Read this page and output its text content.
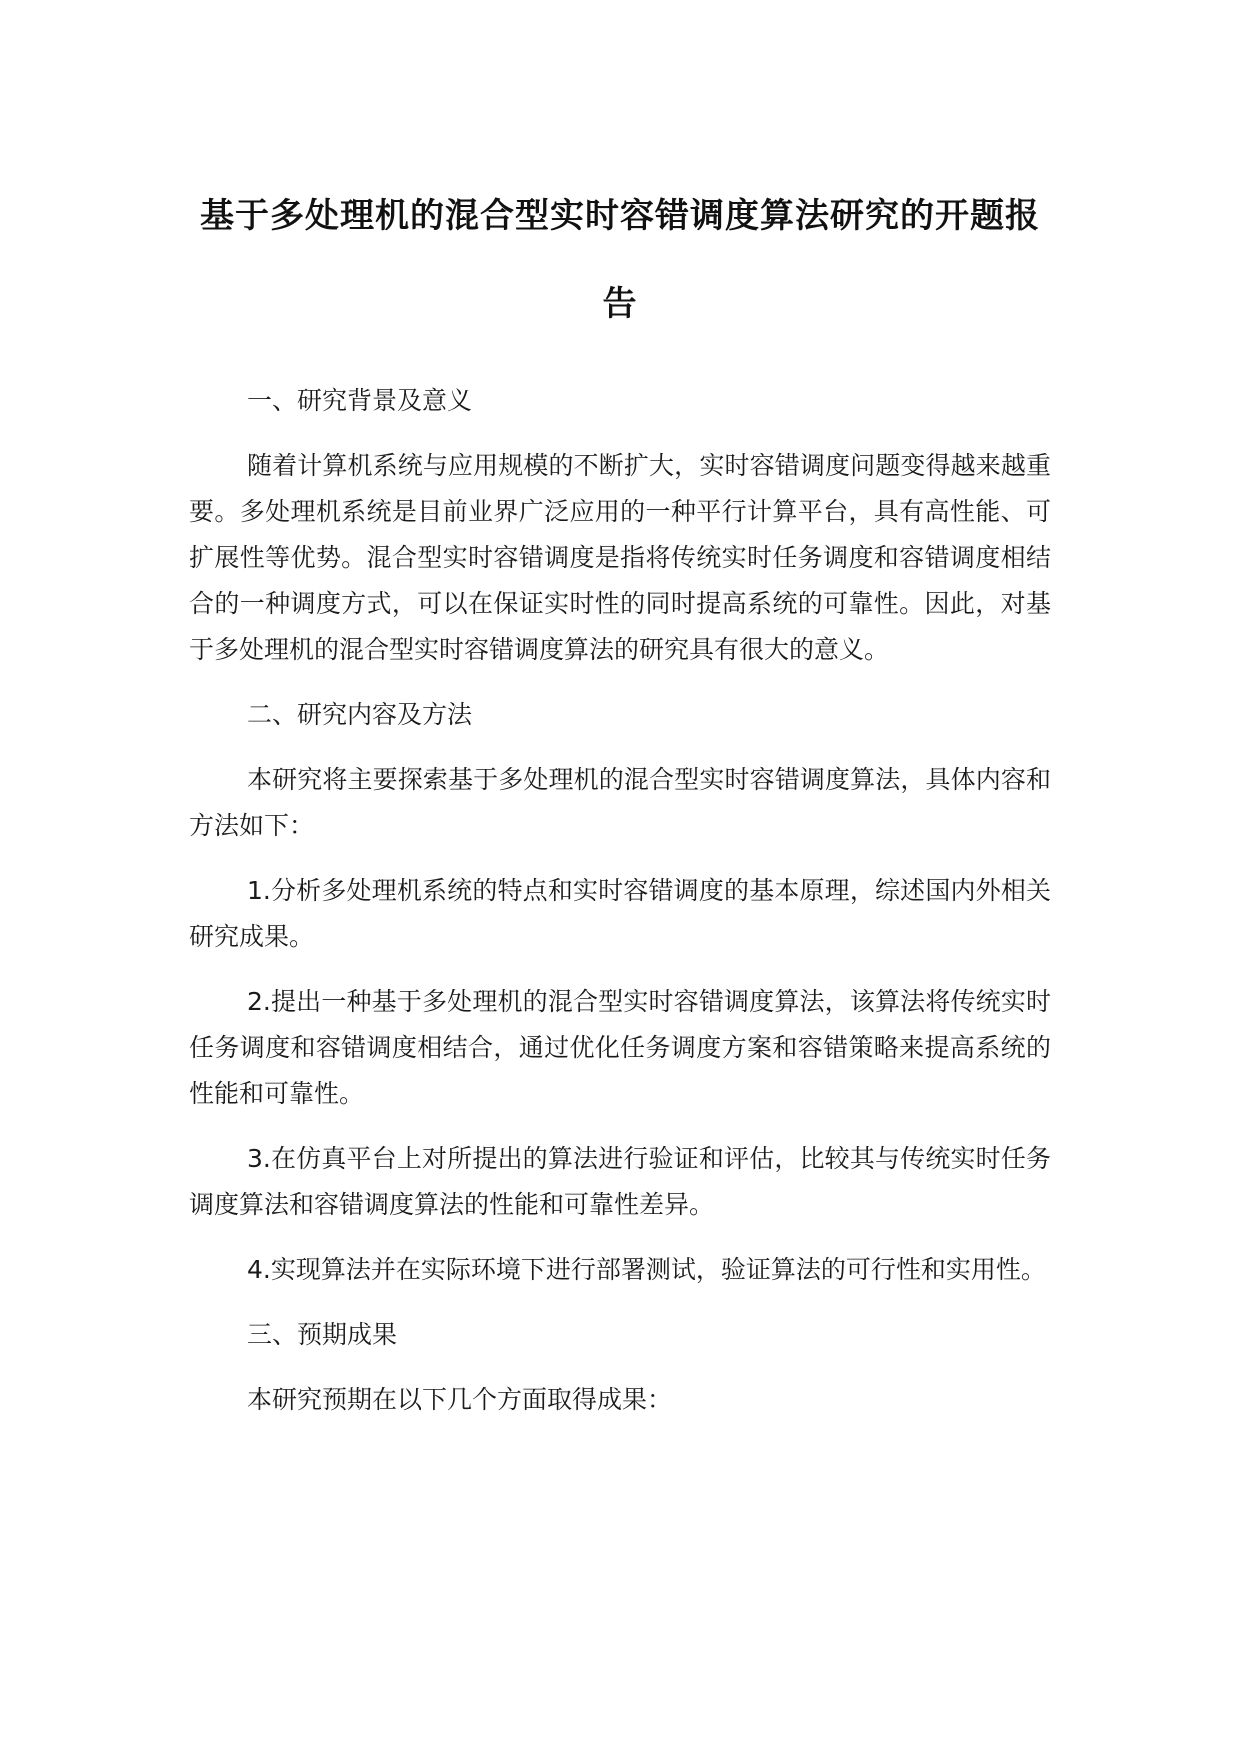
基于多处理机的混合型实时容错调度算法研究的开题报告

一、研究背景及意义

随着计算机系统与应用规模的不断扩大，实时容错调度问题变得越来越重要。多处理机系统是目前业界广泛应用的一种平行计算平台，具有高性能、可扩展性等优势。混合型实时容错调度是指将传统实时任务调度和容错调度相结合的一种调度方式，可以在保证实时性的同时提高系统的可靠性。因此，对基于多处理机的混合型实时容错调度算法的研究具有很大的意义。

二、研究内容及方法

本研究将主要探索基于多处理机的混合型实时容错调度算法，具体内容和方法如下：

1.分析多处理机系统的特点和实时容错调度的基本原理，综述国内外相关研究成果。

2.提出一种基于多处理机的混合型实时容错调度算法，该算法将传统实时任务调度和容错调度相结合，通过优化任务调度方案和容错策略来提高系统的性能和可靠性。

3.在仿真平台上对所提出的算法进行验证和评估，比较其与传统实时任务调度算法和容错调度算法的性能和可靠性差异。

4.实现算法并在实际环境下进行部署测试，验证算法的可行性和实用性。

三、预期成果

本研究预期在以下几个方面取得成果：
